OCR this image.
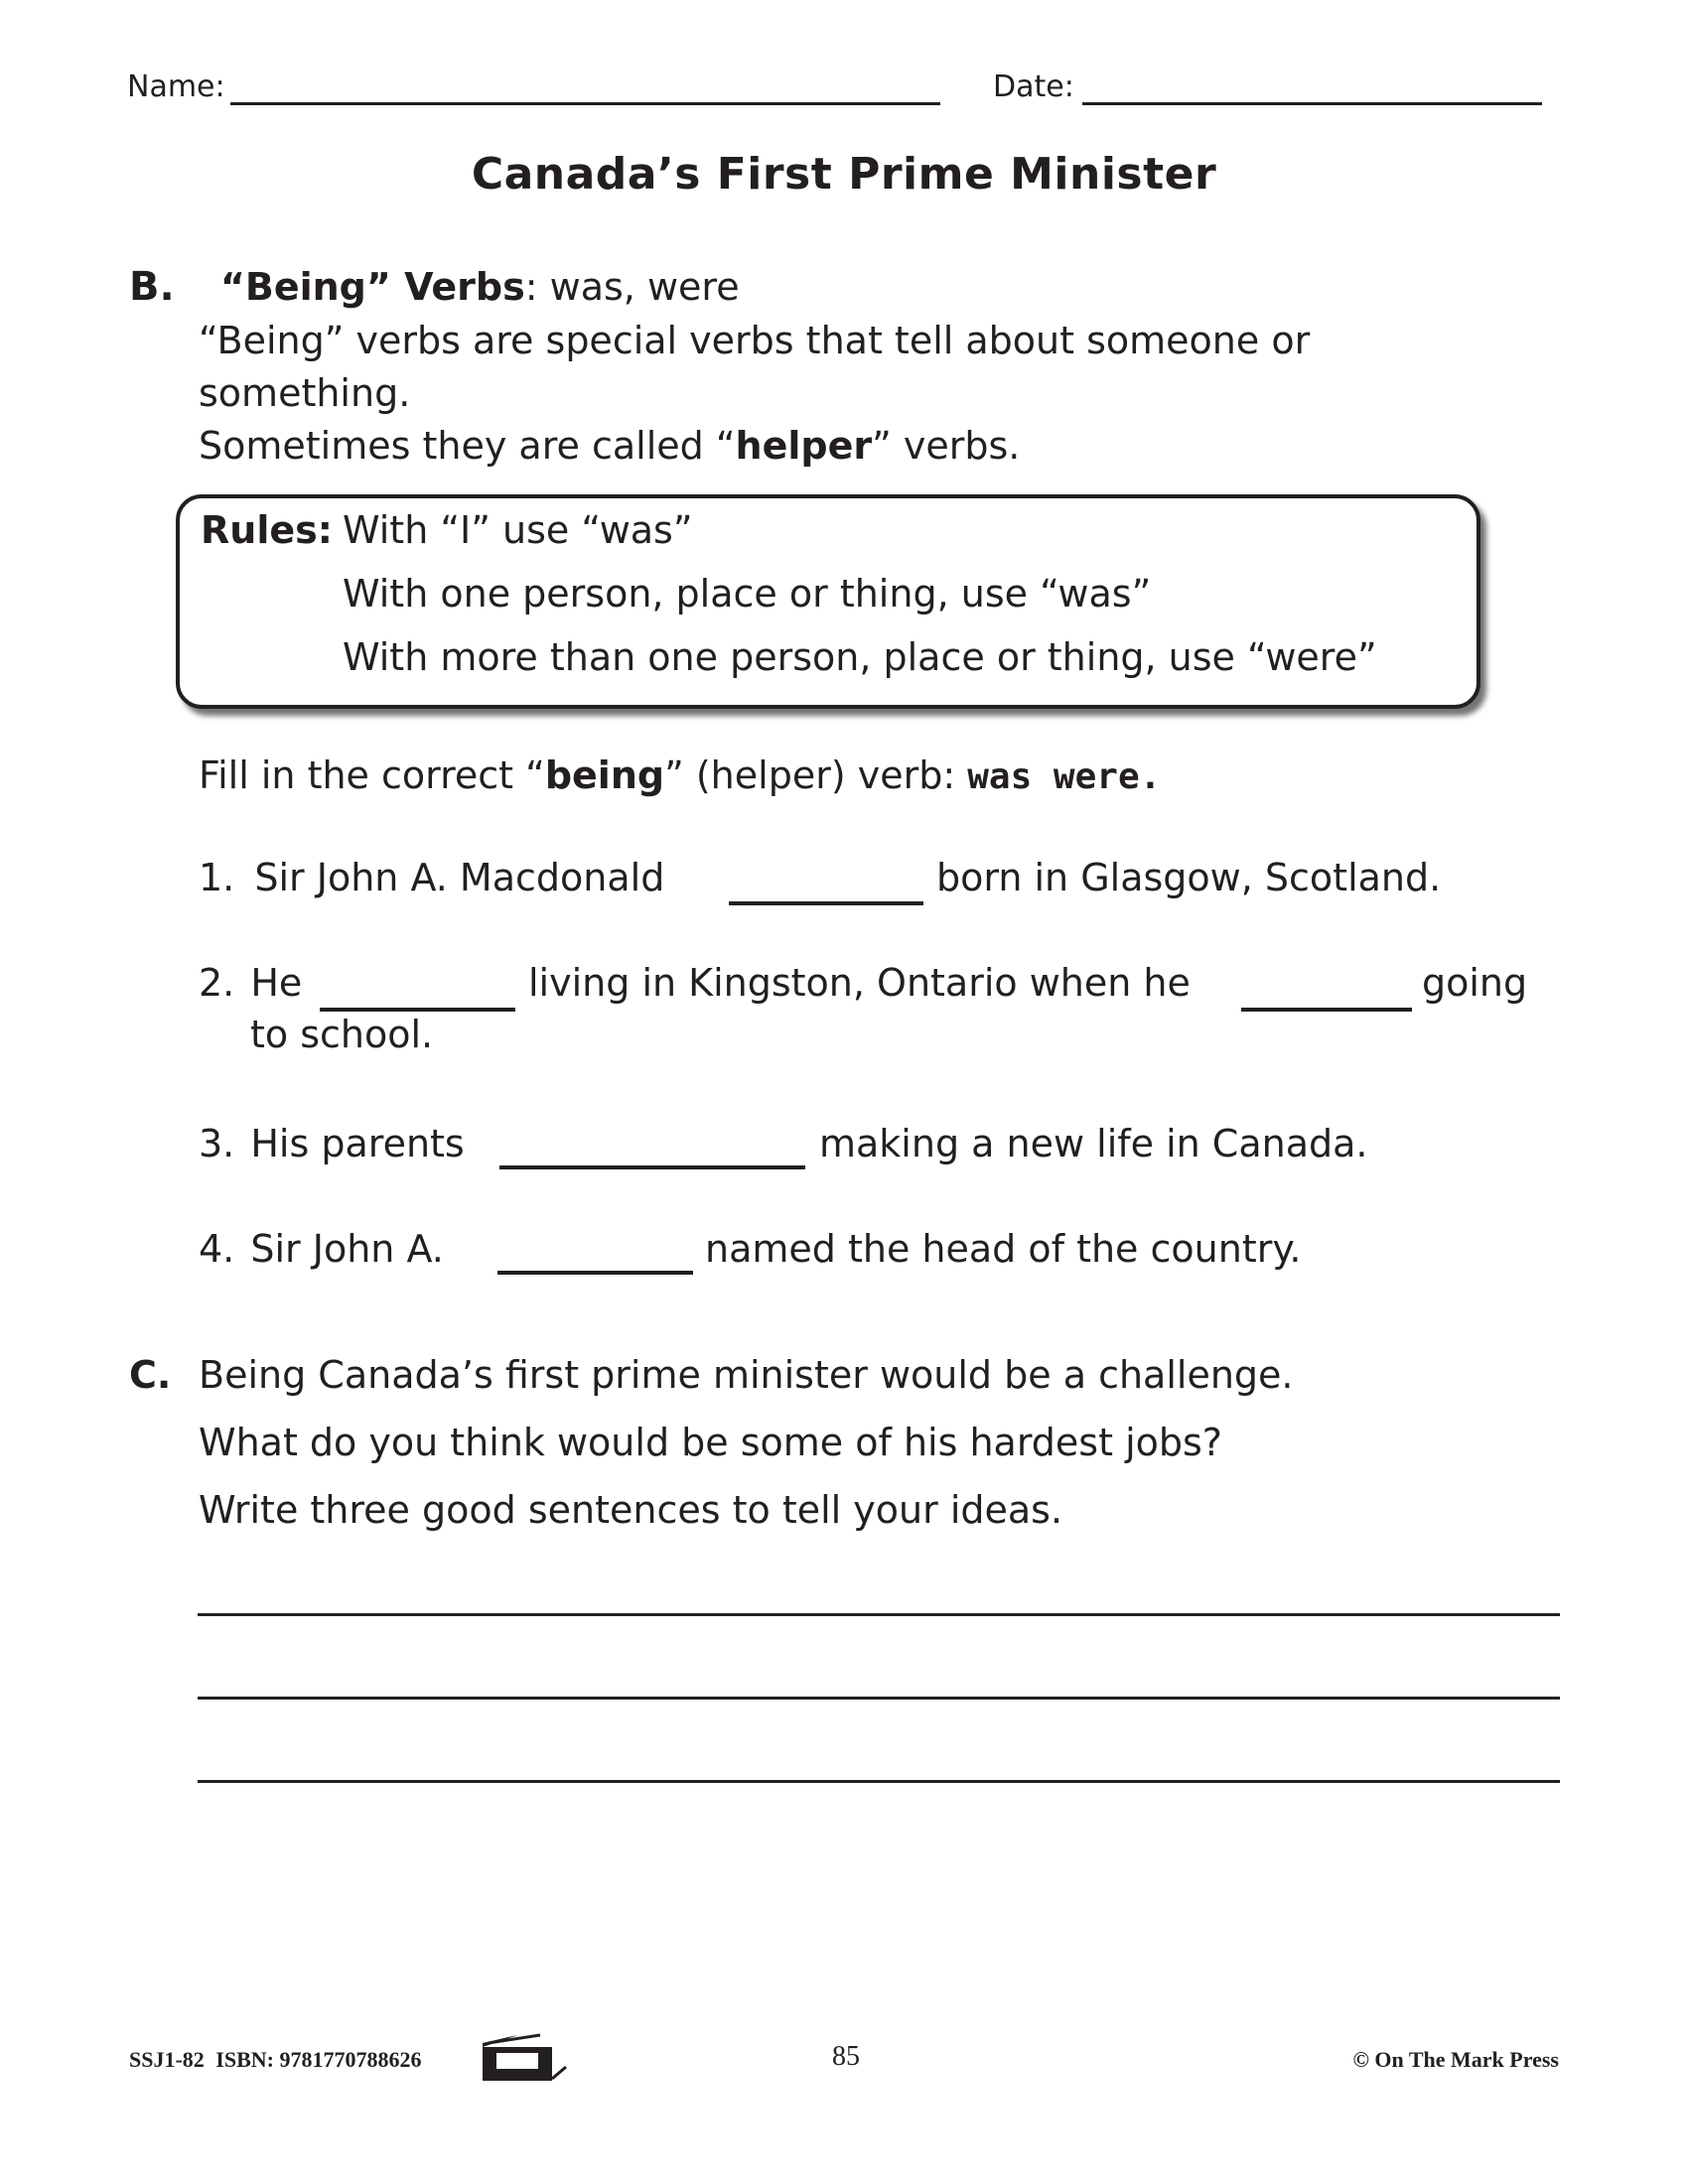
Name:	Date:
Canada’s First Prime Minister
B. “Being” Verbs: was, were
“Being” verbs are special verbs that tell about someone or
something.
Sometimes they are called “helper” verbs.
Rules: With “I” use “was”
With one person, place or thing, use “was”
With more than one person, place or thing, use “were”
Fill in the correct “being” (helper) verb: was were.
1. Sir John A. Macdonald	born in Glasgow, Scotland.
2. He	living in Kingston, Ontario when he	going
to school.
3. His parents	making a new life in Canada.
4. Sir John A.	named the head of the country.
C. Being Canada’s first prime minister would be a challenge.
What do you think would be some of his hardest jobs?
Write three good sentences to tell your ideas.
SSJ1-82 ISBN: 9781770788626	85	© On The Mark Press
